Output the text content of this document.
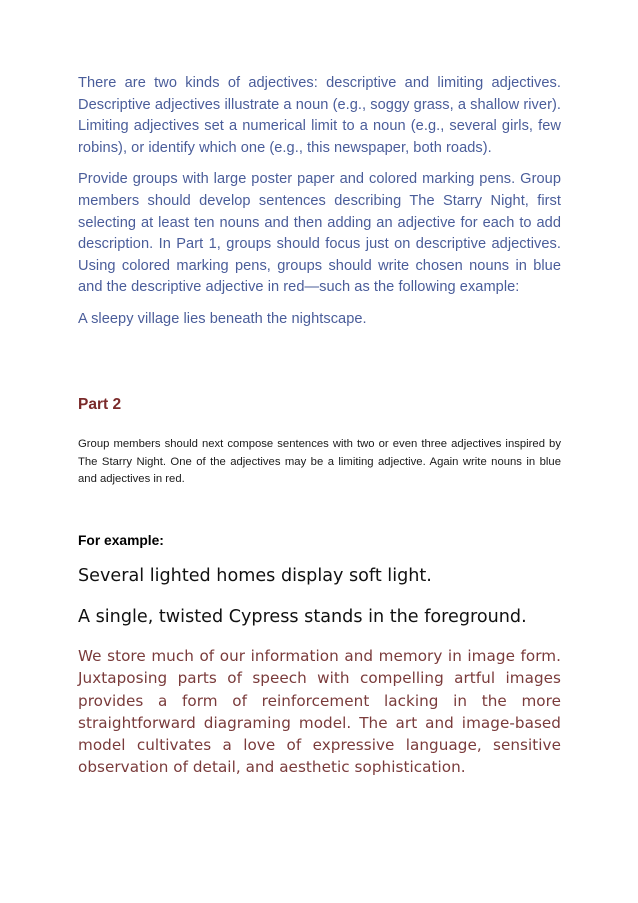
There are two kinds of adjectives: descriptive and limiting adjectives. Descriptive adjectives illustrate a noun (e.g., soggy grass, a shallow river). Limiting adjectives set a numerical limit to a noun (e.g., several girls, few robins), or identify which one (e.g., this newspaper, both roads).

Provide groups with large poster paper and colored marking pens. Group members should develop sentences describing The Starry Night, first selecting at least ten nouns and then adding an adjective for each to add description. In Part 1, groups should focus just on descriptive adjectives. Using colored marking pens, groups should write chosen nouns in blue and the descriptive adjective in red—such as the following example:

A sleepy village lies beneath the nightscape.

Part 2

Group members should next compose sentences with two or even three adjectives inspired by The Starry Night. One of the adjectives may be a limiting adjective. Again write nouns in blue and adjectives in red.

For example:

Several lighted homes display soft light.

A single, twisted Cypress stands in the foreground.

We store much of our information and memory in image form. Juxtaposing parts of speech with compelling artful images provides a form of reinforcement lacking in the more straightforward diagraming model. The art and image-based model cultivates a love of expressive language, sensitive observation of detail, and aesthetic sophistication.
